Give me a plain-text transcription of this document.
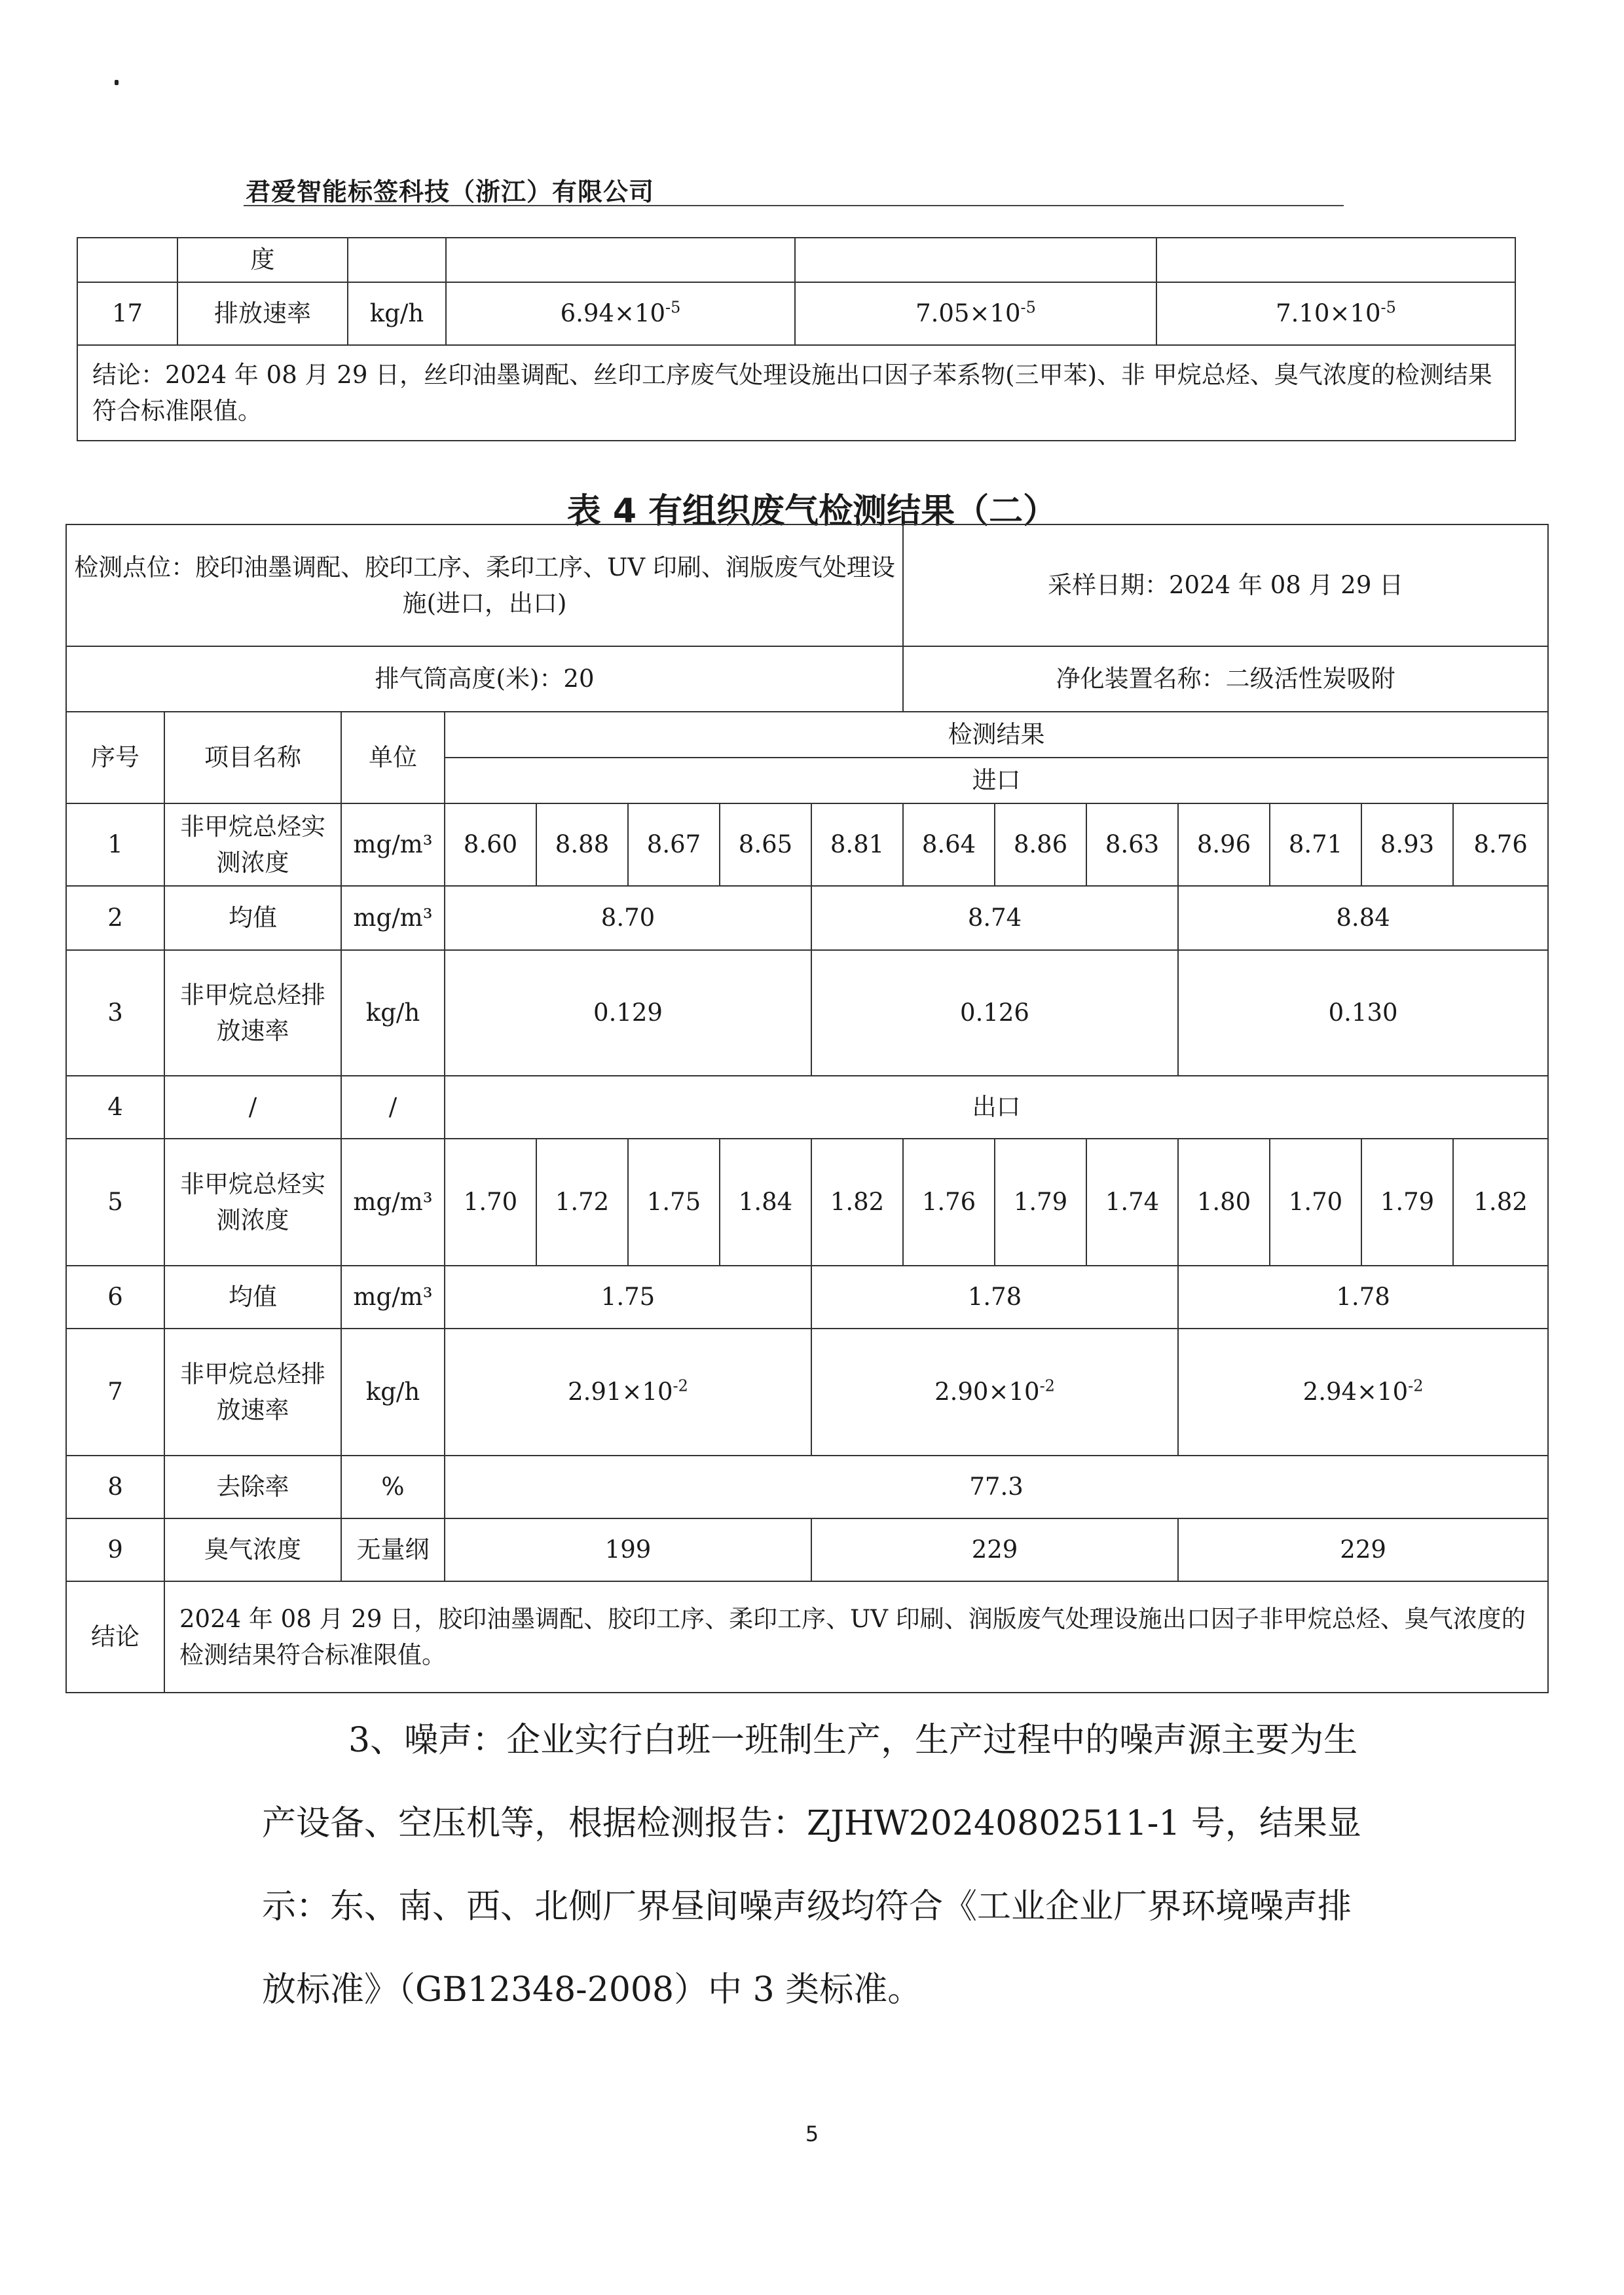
君爱智能标签科技（浙江）有限公司
	度				
17	排放速率	kg/h	$6.94\times 10^{-5}$	$7.05\times 10^{-5}$	$7.10\times 10^{-5}$
结论：2024 年 08 月 29 日，丝印油墨调配、丝印工序废气处理设施出口因子苯系物(三甲苯)、非 甲烷总烃、臭气浓度的检测结果符合标准限值。					
表 4 有组织废气检测结果（二）
检测点位：胶印油墨调配、胶印工序、柔印工序、UV 印刷、润版废气处理设施(进口，出口)								采样日期：2024 年 08 月 29 日						
排气筒高度(米)：20								净化装置名称：二级活性炭吸附						
序号	项目名称	单位	检测结果											
			进口											
1	非甲烷总烃实测浓度	mg/m³	8.60	8.88	8.67	8.65	8.81	8.64	8.86	8.63	8.96	8.71	8.93	8.76
2	均值	mg/m³	8.70				8.74				8.84			
3	非甲烷总烃排放速率	kg/h	0.129				0.126				0.130			
4	/	/	出口											
5	非甲烷总烃实测浓度	mg/m³	1.70	1.72	1.75	1.84	1.82	1.76	1.79	1.74	1.80	1.70	1.79	1.82
6	均值	mg/m³	1.75				1.78				1.78			
7	非甲烷总烃排放速率	kg/h	$2.91\times 10^{-2}$				$2.90\times 10^{-2}$				$2.94\times 10^{-2}$
8	去除率	%	77.3											
9	臭气浓度	无量纲	199				229				229			
结论	2024 年 08 月 29 日，胶印油墨调配、胶印工序、柔印工序、UV 印刷、润版废气处理设施出口因子非甲烷总烃、臭气浓度的检测结果符合标准限值。													

3、噪声：企业实行白班一班制生产，生产过程中的噪声源主要为生产设备、空压机等，根据检测报告：ZJHW20240802511-1 号，结果显示：东、南、西、北侧厂界昼间噪声级均符合《工业企业厂界环境噪声排放标准》（GB12348-2008）中 3 类标准。

5
